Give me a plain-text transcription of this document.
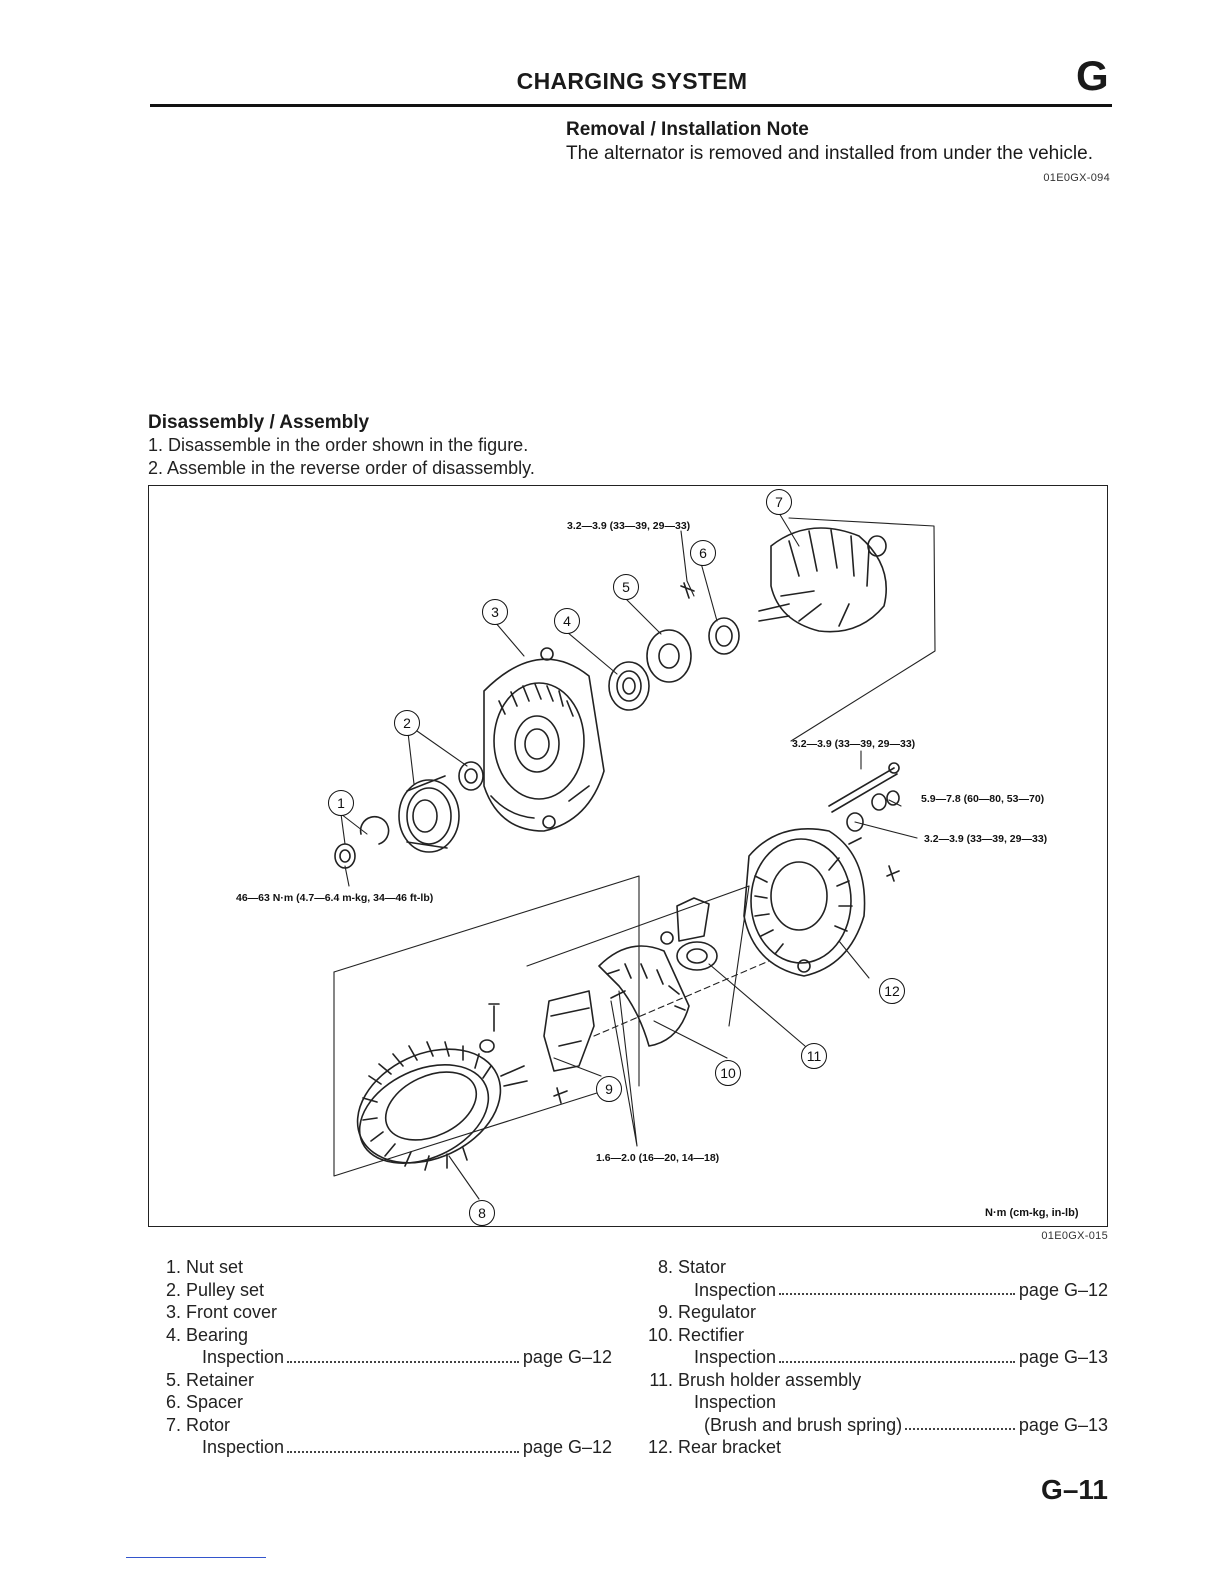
CHARGING SYSTEM	G
Removal / Installation Note
The alternator is removed and installed from under the vehicle.
01E0GX-094
Disassembly / Assembly
1. Disassemble in the order shown in the figure.
2. Assemble in the reverse order of disassembly.
3.2—3.9 (33—39, 29—33)
3.2—3.9 (33—39, 29—33)
5.9—7.8 (60—80, 53—70)
3.2—3.9 (33—39, 29—33)
46—63 N·m (4.7—6.4 m-kg, 34—46 ft-lb)
1.6—2.0 (16—20, 14—18)
N·m (cm-kg, in-lb)
1
2
3
4
5
6
7
8
9
10
11
12
01E0GX-015
1. Nut set
2. Pulley set
3. Front cover
4. Bearing
Inspection	page G–12
5. Retainer
6. Spacer
7. Rotor
Inspection	page G–12
8. Stator
Inspection	page G–12
9. Regulator
10. Rectifier
Inspection	page G–13
11. Brush holder assembly
Inspection
(Brush and brush spring)	page G–13
12. Rear bracket
G–11
